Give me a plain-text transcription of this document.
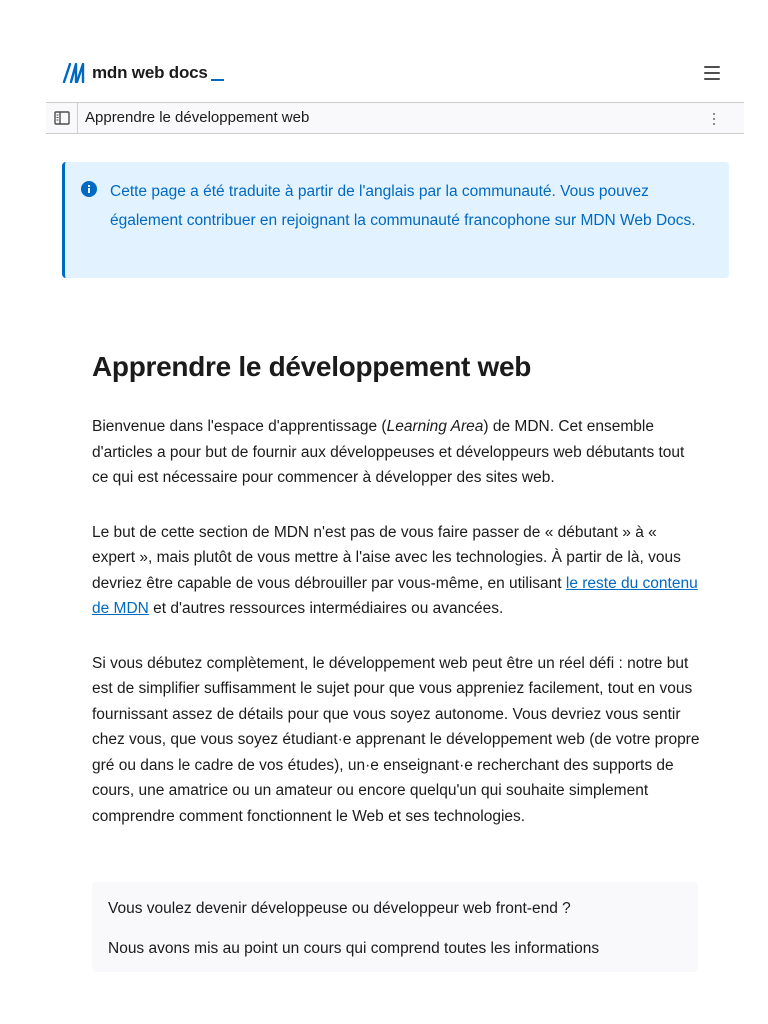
mdn web docs
Apprendre le développement web

Cette page a été traduite à partir de l'anglais par la communauté. Vous pouvez également contribuer en rejoignant la communauté francophone sur MDN Web Docs.

Apprendre le développement web

Bienvenue dans l'espace d'apprentissage (Learning Area) de MDN. Cet ensemble d'articles a pour but de fournir aux développeuses et développeurs web débutants tout ce qui est nécessaire pour commencer à développer des sites web.

Le but de cette section de MDN n'est pas de vous faire passer de « débutant » à « expert », mais plutôt de vous mettre à l'aise avec les technologies. À partir de là, vous devriez être capable de vous débrouiller par vous-même, en utilisant le reste du contenu de MDN et d'autres ressources intermédiaires ou avancées.

Si vous débutez complètement, le développement web peut être un réel défi : notre but est de simplifier suffisamment le sujet pour que vous appreniez facilement, tout en vous fournissant assez de détails pour que vous soyez autonome. Vous devriez vous sentir chez vous, que vous soyez étudiant·e apprenant le développement web (de votre propre gré ou dans le cadre de vos études), un·e enseignant·e recherchant des supports de cours, une amatrice ou un amateur ou encore quelqu'un qui souhaite simplement comprendre comment fonctionnent le Web et ses technologies.

Vous voulez devenir développeuse ou développeur web front-end ?

Nous avons mis au point un cours qui comprend toutes les informations
